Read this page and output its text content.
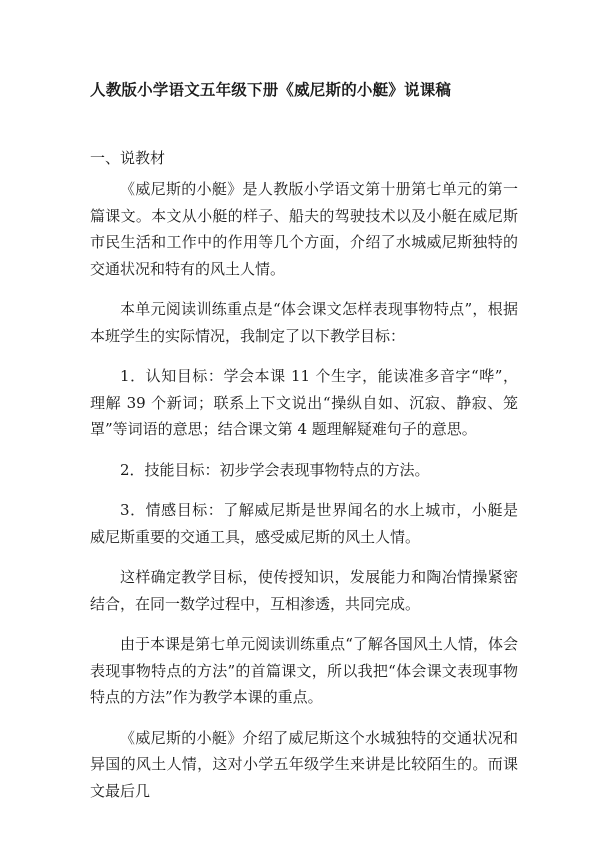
人教版小学语文五年级下册《威尼斯的小艇》说课稿
一、说教材

《威尼斯的小艇》是人教版小学语文第十册第七单元的第一篇课文。本文从小艇的样子、船夫的驾驶技术以及小艇在威尼斯市民生活和工作中的作用等几个方面，介绍了水城威尼斯独特的交通状况和特有的风土人情。

本单元阅读训练重点是“体会课文怎样表现事物特点”，根据本班学生的实际情况，我制定了以下教学目标：

1．认知目标：学会本课 11 个生字，能读准多音字“哗”，理解 39 个新词；联系上下文说出“操纵自如、沉寂、静寂、笼罩”等词语的意思；结合课文第 4 题理解疑难句子的意思。

2．技能目标：初步学会表现事物特点的方法。

3．情感目标：了解威尼斯是世界闻名的水上城市，小艇是威尼斯重要的交通工具，感受威尼斯的风土人情。

这样确定教学目标，使传授知识，发展能力和陶冶情操紧密结合，在同一数学过程中，互相渗透，共同完成。

由于本课是第七单元阅读训练重点“了解各国风土人情，体会表现事物特点的方法”的首篇课文，所以我把“体会课文表现事物特点的方法”作为教学本课的重点。

《威尼斯的小艇》介绍了威尼斯这个水城独特的交通状况和异国的风土人情，这对小学五年级学生来讲是比较陌生的。而课文最后几
